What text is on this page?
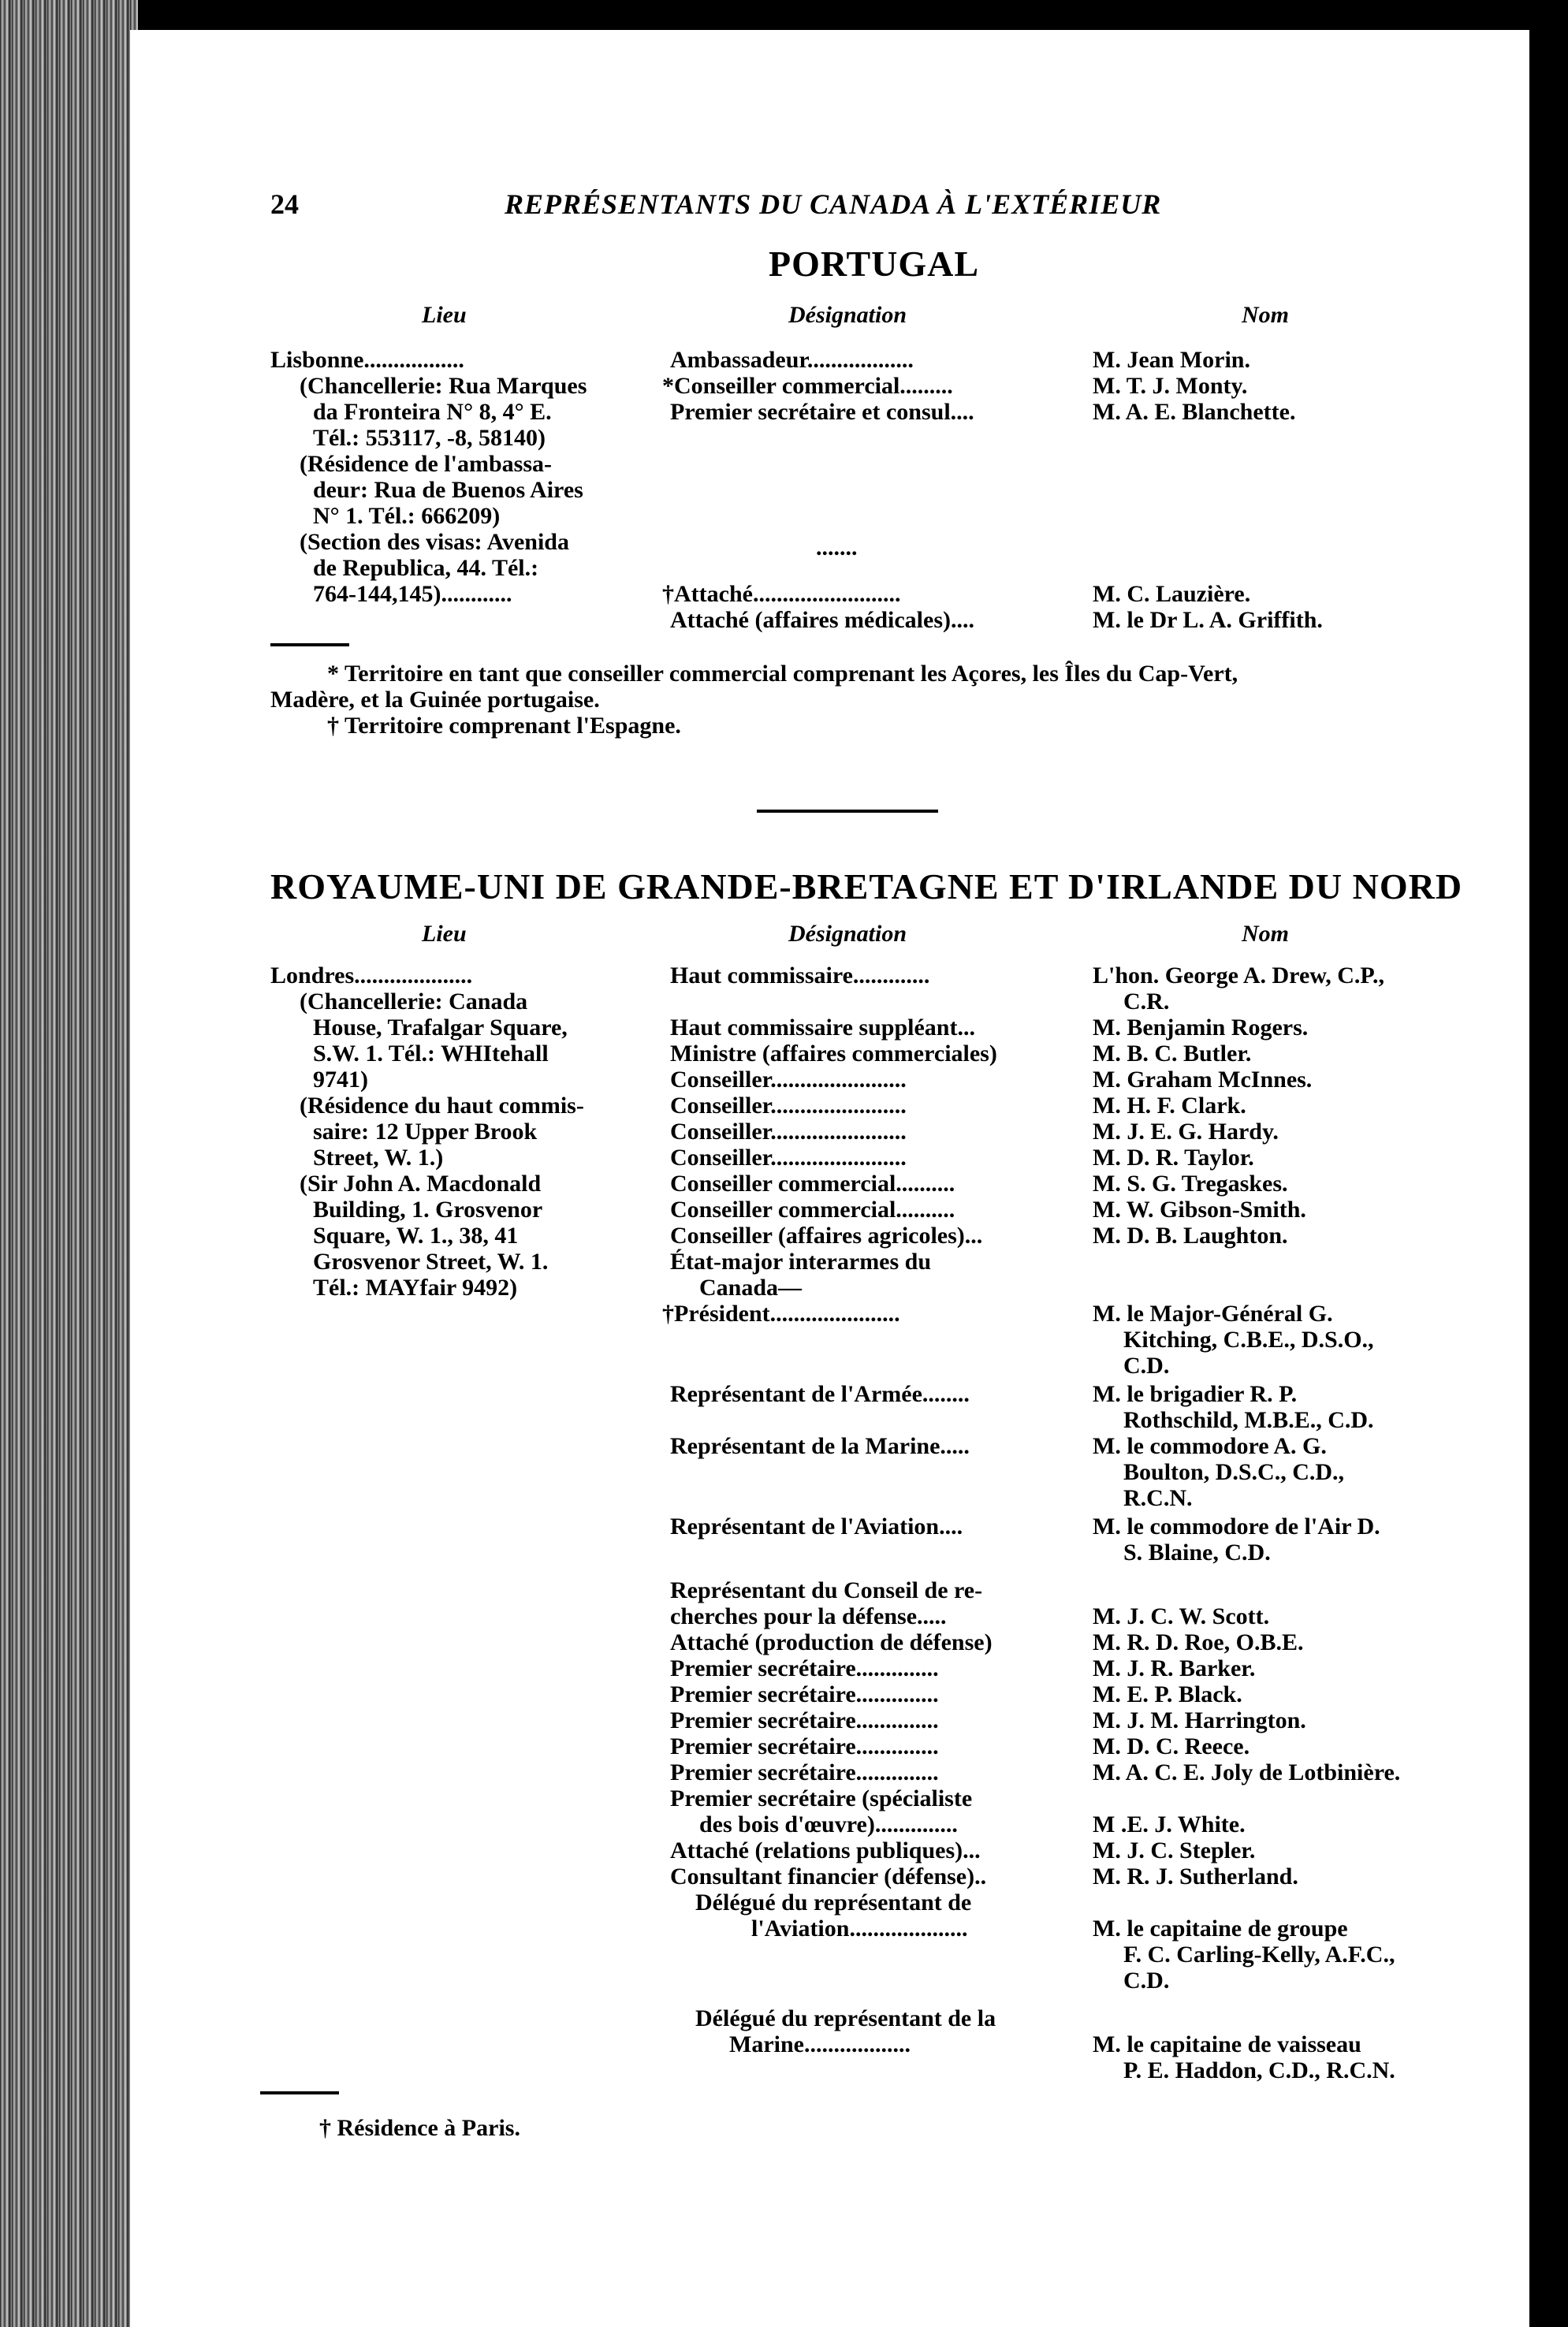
24	REPRÉSENTANTS DU CANADA À L'EXTÉRIEUR
PORTUGAL
Lieu	Désignation	Nom
Lisbonne.................
(Chancellerie: Rua Marques
da Fronteira N° 8, 4° E.
Tél.: 553117, -8, 58140)
(Résidence de l'ambassa-
deur: Rua de Buenos Aires
N° 1. Tél.: 666209)
(Section des visas: Avenida
de Republica, 44. Tél.:
764-144,145)............
Ambassadeur..................	M. Jean Morin.
*Conseiller commercial.........	M. T. J. Monty.
Premier secrétaire et consul....	M. A. E. Blanchette.
.......
†Attaché.........................	M. C. Lauzière.
Attaché (affaires médicales)....	M. le Dr L. A. Griffith.
* Territoire en tant que conseiller commercial comprenant les Açores, les Îles du Cap-Vert,
Madère, et la Guinée portugaise.
† Territoire comprenant l'Espagne.
ROYAUME-UNI DE GRANDE-BRETAGNE ET D'IRLANDE DU NORD
Lieu	Désignation	Nom
Londres....................
(Chancellerie: Canada
House, Trafalgar Square,
S.W. 1. Tél.: WHItehall
9741)
(Résidence du haut commis-
saire: 12 Upper Brook
Street, W. 1.)
(Sir John A. Macdonald
Building, 1. Grosvenor
Square, W. 1., 38, 41
Grosvenor Street, W. 1.
Tél.: MAYfair 9492)
Haut commissaire.............	L'hon. George A. Drew, C.P.,
C.R.
Haut commissaire suppléant...	M. Benjamin Rogers.
Ministre (affaires commerciales)	M. B. C. Butler.
Conseiller.......................	M. Graham McInnes.
Conseiller.......................	M. H. F. Clark.
Conseiller.......................	M. J. E. G. Hardy.
Conseiller.......................	M. D. R. Taylor.
Conseiller commercial..........	M. S. G. Tregaskes.
Conseiller commercial..........	M. W. Gibson-Smith.
Conseiller (affaires agricoles)...	M. D. B. Laughton.
État-major interarmes du
Canada—
†Président......................	M. le Major-Général G.
Kitching, C.B.E., D.S.O.,
C.D.
Représentant de l'Armée........	M. le brigadier R. P.
Rothschild, M.B.E., C.D.
Représentant de la Marine.....	M. le commodore A. G.
Boulton, D.S.C., C.D.,
R.C.N.
Représentant de l'Aviation....	M. le commodore de l'Air D.
S. Blaine, C.D.
Représentant du Conseil de re-
cherches pour la défense.....	M. J. C. W. Scott.
Attaché (production de défense)	M. R. D. Roe, O.B.E.
Premier secrétaire..............	M. J. R. Barker.
Premier secrétaire..............	M. E. P. Black.
Premier secrétaire..............	M. J. M. Harrington.
Premier secrétaire..............	M. D. C. Reece.
Premier secrétaire..............	M. A. C. E. Joly de Lotbinière.
Premier secrétaire (spécialiste
des bois d'œuvre)..............	M .E. J. White.
Attaché (relations publiques)...	M. J. C. Stepler.
Consultant financier (défense)..	M. R. J. Sutherland.
Délégué du représentant de
l'Aviation....................	M. le capitaine de groupe
F. C. Carling-Kelly, A.F.C.,
C.D.
Délégué du représentant de la
Marine..................	M. le capitaine de vaisseau
P. E. Haddon, C.D., R.C.N.
† Résidence à Paris.
